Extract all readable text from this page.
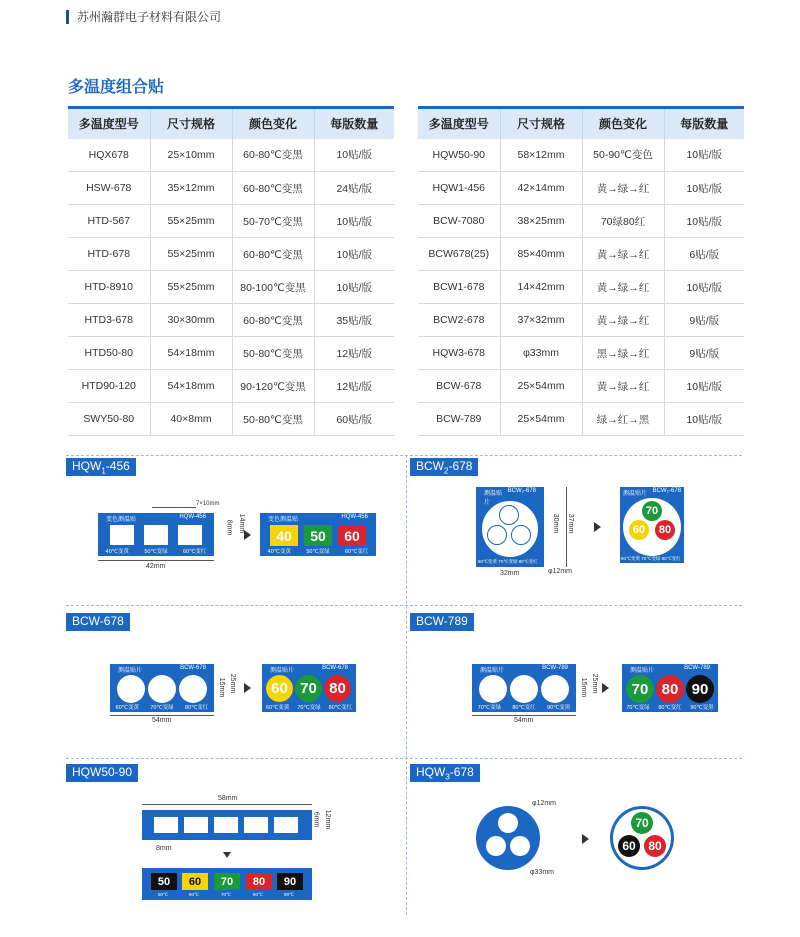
苏州瀚群电子材料有限公司
多温度组合贴
多温度型号	尺寸规格	颜色变化	每版数量
HQX678	25×10mm	60-80℃变黑	10贴/版
HSW-678	35×12mm	60-80℃变黑	24贴/版
HTD-567	55×25mm	50-70℃变黑	10贴/版
HTD-678	55×25mm	60-80℃变黑	10贴/版
HTD-8910	55×25mm	80-100℃变黑	10贴/版
HTD3-678	30×30mm	60-80℃变黑	35贴/版
HTD50-80	54×18mm	50-80℃变黑	12贴/版
HTD90-120	54×18mm	90-120℃变黑	12贴/版
SWY50-80	40×8mm	50-80℃变黑	60贴/版
多温度型号	尺寸规格	颜色变化	每版数量
HQW50-90	58×12mm	50-90℃变色	10贴/版
HQW1-456	42×14mm	黄→绿→红	10贴/版
BCW-7080	38×25mm	70绿80红	10贴/版
BCW678(25)	85×40mm	黄→绿→红	6贴/版
BCW1-678	14×42mm	黄→绿→红	10贴/版
BCW2-678	37×32mm	黄→绿→红	9贴/版
HQW3-678	φ33mm	黑→绿→红	9贴/版
BCW-678	25×54mm	黄→绿→红	10贴/版
BCW-789	25×54mm	绿→红→黑	10贴/版
$HQW_1-456$
7×10mm
变色测温贴	HQW-456
40℃变黄	50℃变绿	60℃变红
14mm
8mm
42mm
变色测温贴	HQW-456
40	50	60
40℃变黄	50℃变绿	60℃变红
$BCW_2-678$
测温贴片
BCW₂-678
60℃变黄 70℃变绿 80℃变红
30mm 37mm
32mm	φ12mm
测温贴片 BCW₂-678
70
60	80
60℃变黄 70℃变绿 80℃变红
BCW-678
测温贴片	BCW-678
60℃变黄 70℃变绿 80℃变红
25mm
15mm
54mm
测温贴片	BCW-678
60 70 80
60℃变黄 70℃变绿 80℃变红
BCW-789
测温贴片	BCW-789
70℃变绿 80℃变红 90℃变黑
25mm
15mm
54mm
测温贴片	BCW-789
70 80 90
70℃变绿 80℃变红 90℃变黑
HQW50-90
58mm
12mm
6mm
8mm
50	60	70	80	90
50℃	60℃	70℃	80℃	90℃
$HQW_3-678$
φ12mm
φ33mm
70
60	80
